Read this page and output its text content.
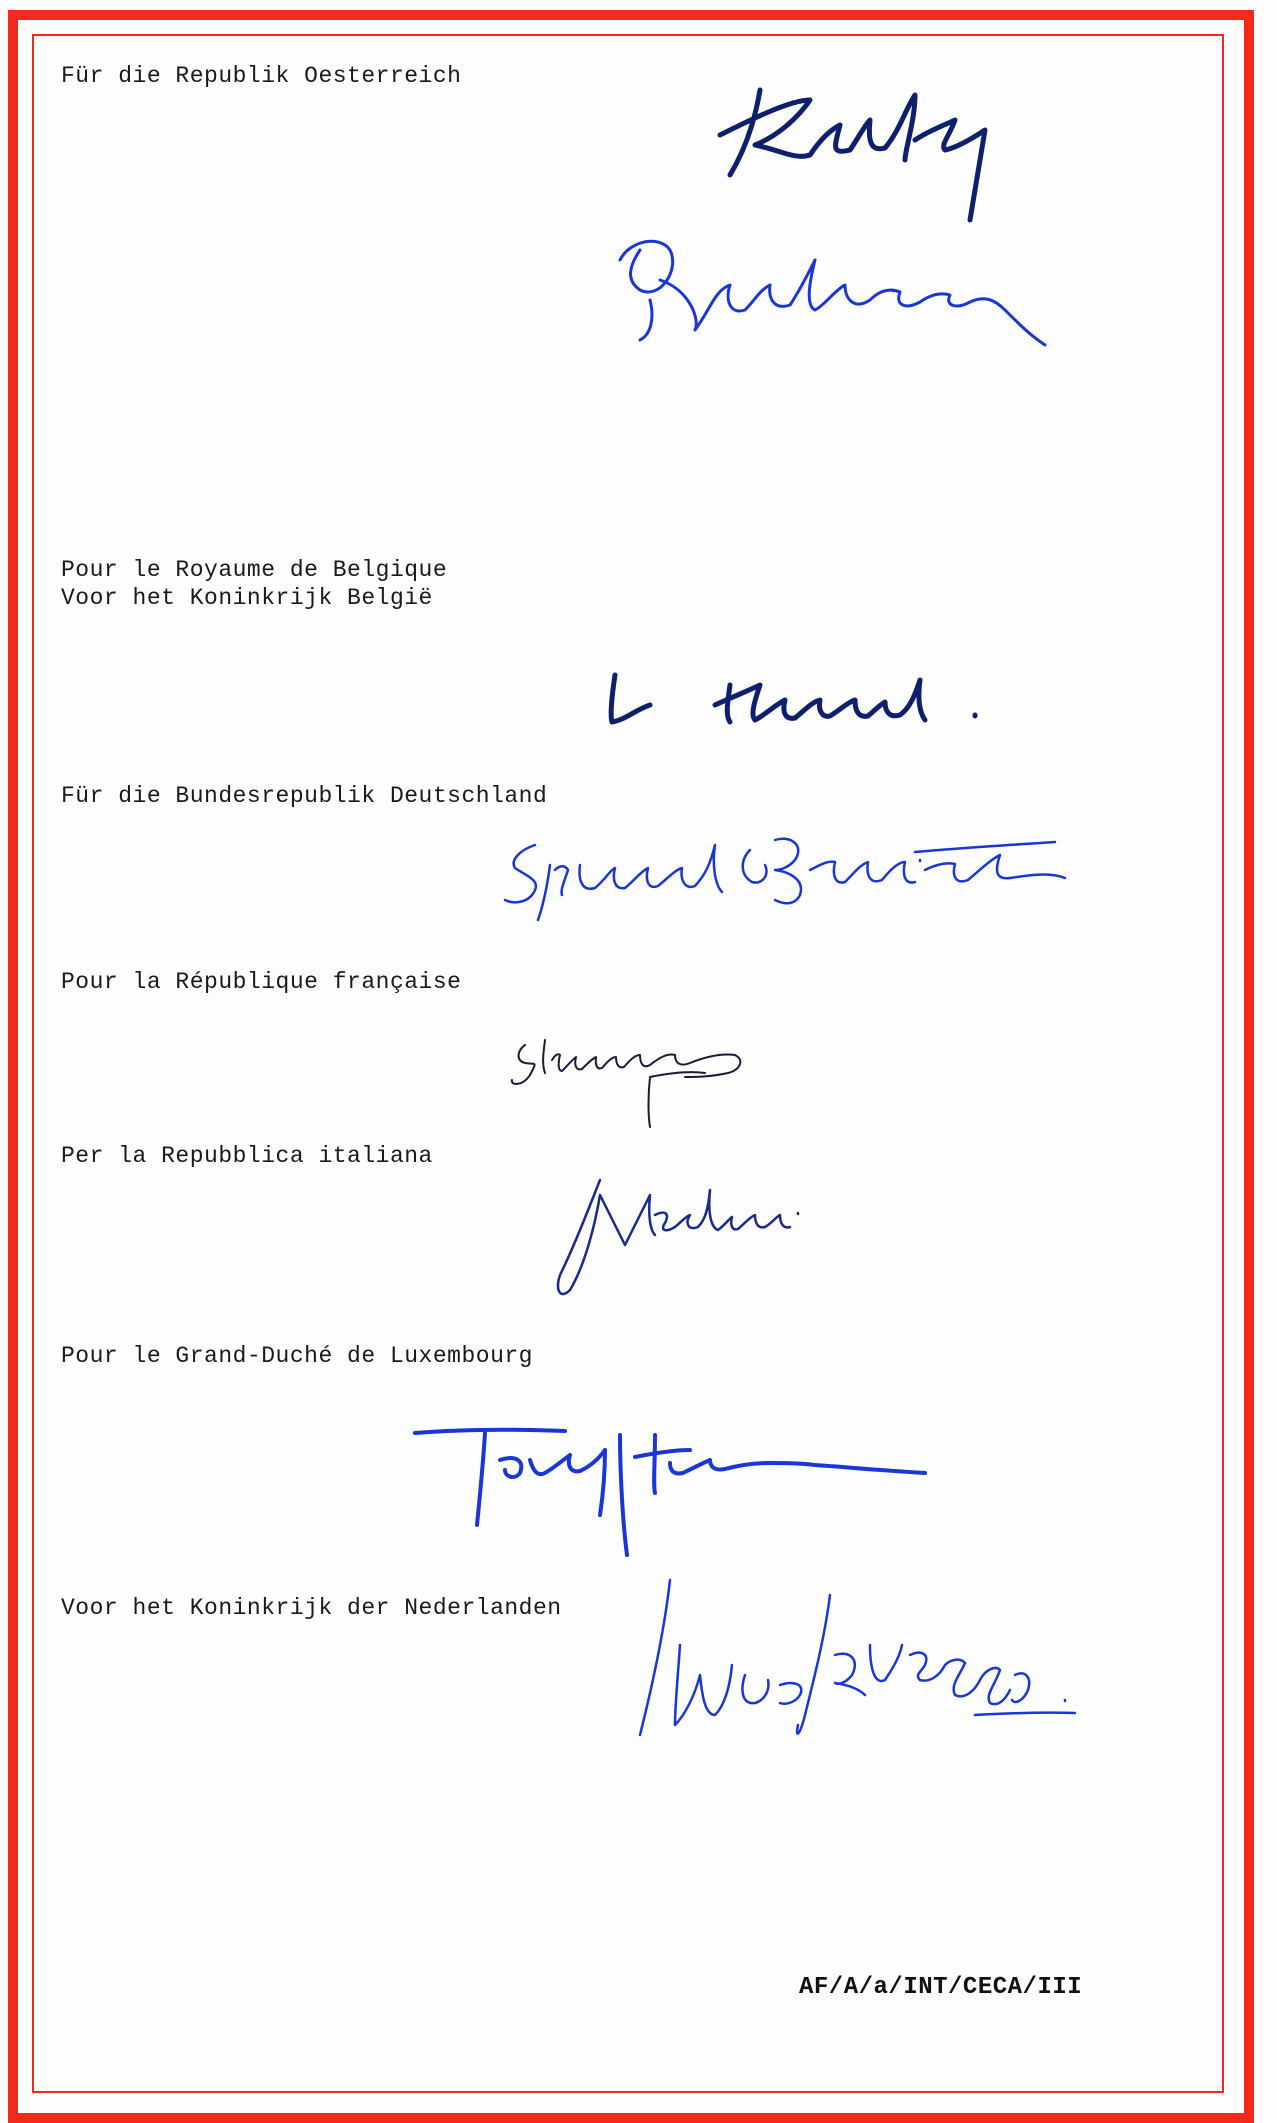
Für die Republik Oesterreich
Pour le Royaume de Belgique
Voor het Koninkrijk België
Für die Bundesrepublik Deutschland
Pour la République française
Per la Repubblica italiana
Pour le Grand-Duché de Luxembourg
Voor het Koninkrijk der Nederlanden
AF/A/a/INT/CECA/III
